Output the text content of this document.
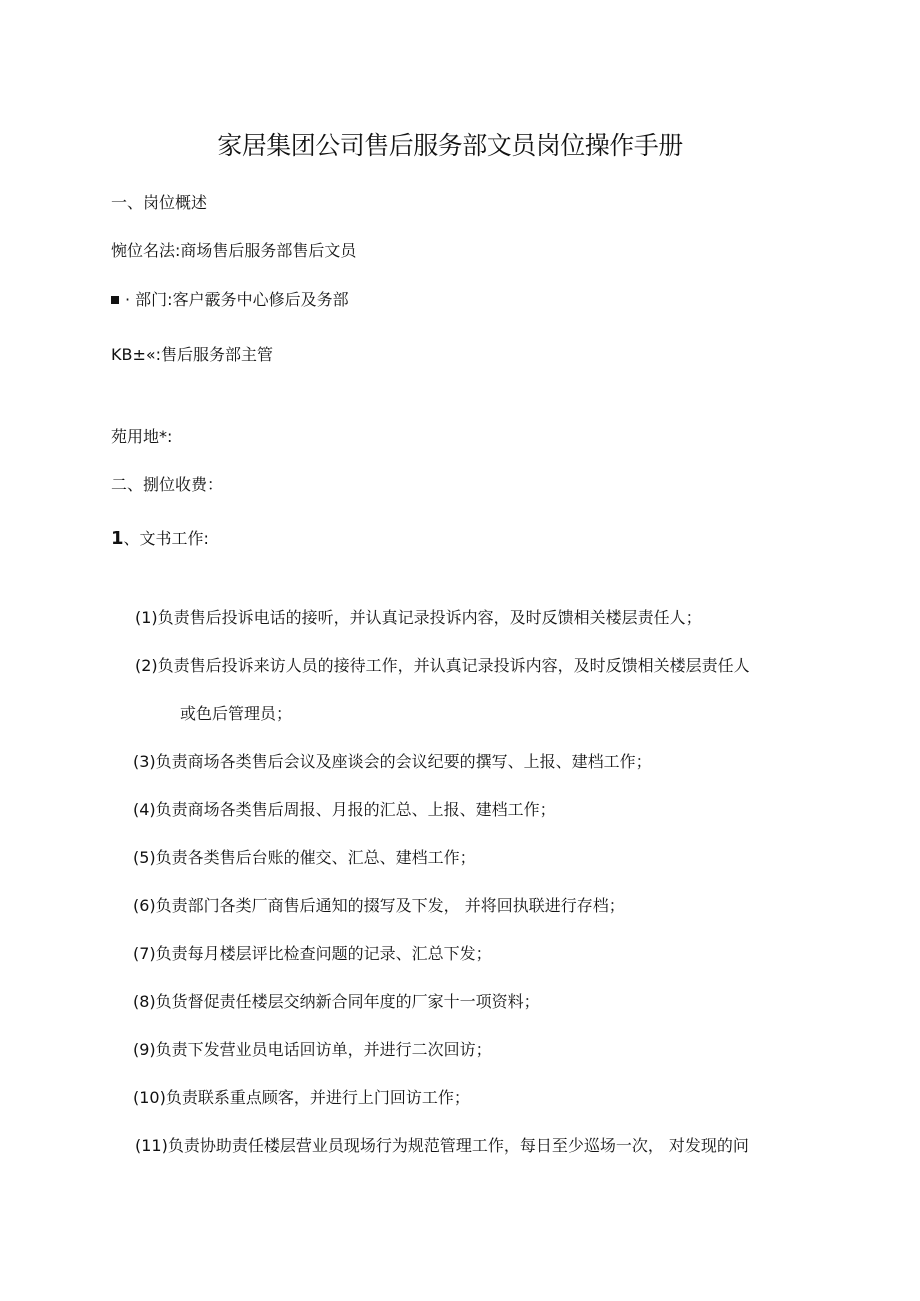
家居集团公司售后服务部文员岗位操作手册
一、岗位概述
惋位名法:商场售后服务部售后文员
· 部门:客户霰务中心修后及务部
KB±«:售后服务部主管
苑用地*:
二、捌位收费：
1、文书工作:
(1)负责售后投诉电话的接听，并认真记录投诉内容，及时反馈相关楼层责任人；
(2)负责售后投诉来访人员的接待工作，并认真记录投诉内容，及时反馈相关楼层责任人
或色后管理员；
(3)负责商场各类售后会议及座谈会的会议纪要的撰写、上报、建档工作；
(4)负责商场各类售后周报、月报的汇总、上报、建档工作；
(5)负责各类售后台账的催交、汇总、建档工作；
(6)负责部门各类厂商售后通知的掇写及下发， 并将回执联进行存档；
(7)负责每月楼层评比检查问题的记录、汇总下发；
(8)负货督促责任楼层交纳新合同年度的厂家十一项资料；
(9)负责下发营业员电话回访单，并进行二次回访；
(10)负责联系重点顾客，并进行上门回访工作；
(11)负责协助责任楼层营业员现场行为规范管理工作，每日至少巡场一次， 对发现的问
